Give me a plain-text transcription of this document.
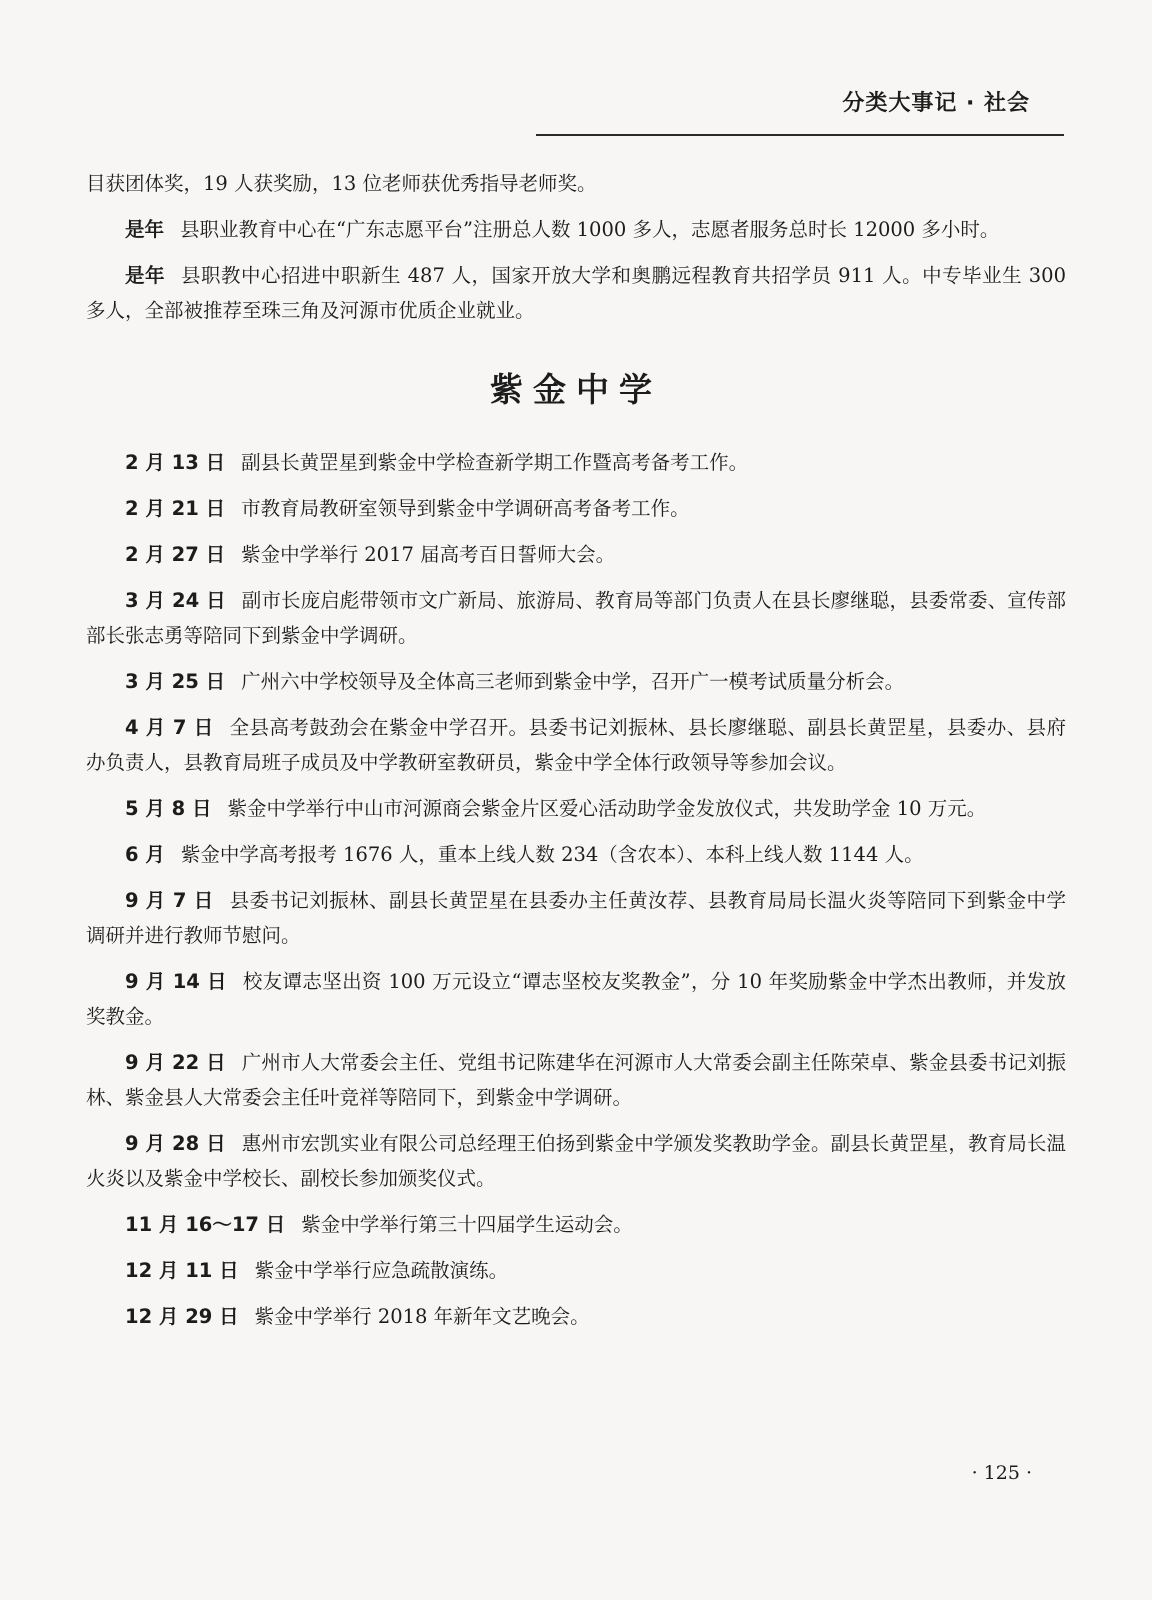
分类大事记 · 社会

目获团体奖，19 人获奖励，13 位老师获优秀指导老师奖。

是年 县职业教育中心在“广东志愿平台”注册总人数 1000 多人，志愿者服务总时长 12000 多小时。

是年 县职教中心招进中职新生 487 人，国家开放大学和奥鹏远程教育共招学员 911 人。中专毕业生 300 多人，全部被推荐至珠三角及河源市优质企业就业。

紫金中学

2 月 13 日 副县长黄罡星到紫金中学检查新学期工作暨高考备考工作。

2 月 21 日 市教育局教研室领导到紫金中学调研高考备考工作。

2 月 27 日 紫金中学举行 2017 届高考百日誓师大会。

3 月 24 日 副市长庞启彪带领市文广新局、旅游局、教育局等部门负责人在县长廖继聪，县委常委、宣传部部长张志勇等陪同下到紫金中学调研。

3 月 25 日 广州六中学校领导及全体高三老师到紫金中学，召开广一模考试质量分析会。

4 月 7 日 全县高考鼓劲会在紫金中学召开。县委书记刘振林、县长廖继聪、副县长黄罡星，县委办、县府办负责人，县教育局班子成员及中学教研室教研员，紫金中学全体行政领导等参加会议。

5 月 8 日 紫金中学举行中山市河源商会紫金片区爱心活动助学金发放仪式，共发助学金 10 万元。

6 月 紫金中学高考报考 1676 人，重本上线人数 234（含农本）、本科上线人数 1144 人。

9 月 7 日 县委书记刘振林、副县长黄罡星在县委办主任黄汝荐、县教育局局长温火炎等陪同下到紫金中学调研并进行教师节慰问。

9 月 14 日 校友谭志坚出资 100 万元设立“谭志坚校友奖教金”，分 10 年奖励紫金中学杰出教师，并发放奖教金。

9 月 22 日 广州市人大常委会主任、党组书记陈建华在河源市人大常委会副主任陈荣卓、紫金县委书记刘振林、紫金县人大常委会主任叶竞祥等陪同下，到紫金中学调研。

9 月 28 日 惠州市宏凯实业有限公司总经理王伯扬到紫金中学颁发奖教助学金。副县长黄罡星，教育局长温火炎以及紫金中学校长、副校长参加颁奖仪式。

11 月 16～17 日 紫金中学举行第三十四届学生运动会。

12 月 11 日 紫金中学举行应急疏散演练。

12 月 29 日 紫金中学举行 2018 年新年文艺晚会。

· 125 ·
